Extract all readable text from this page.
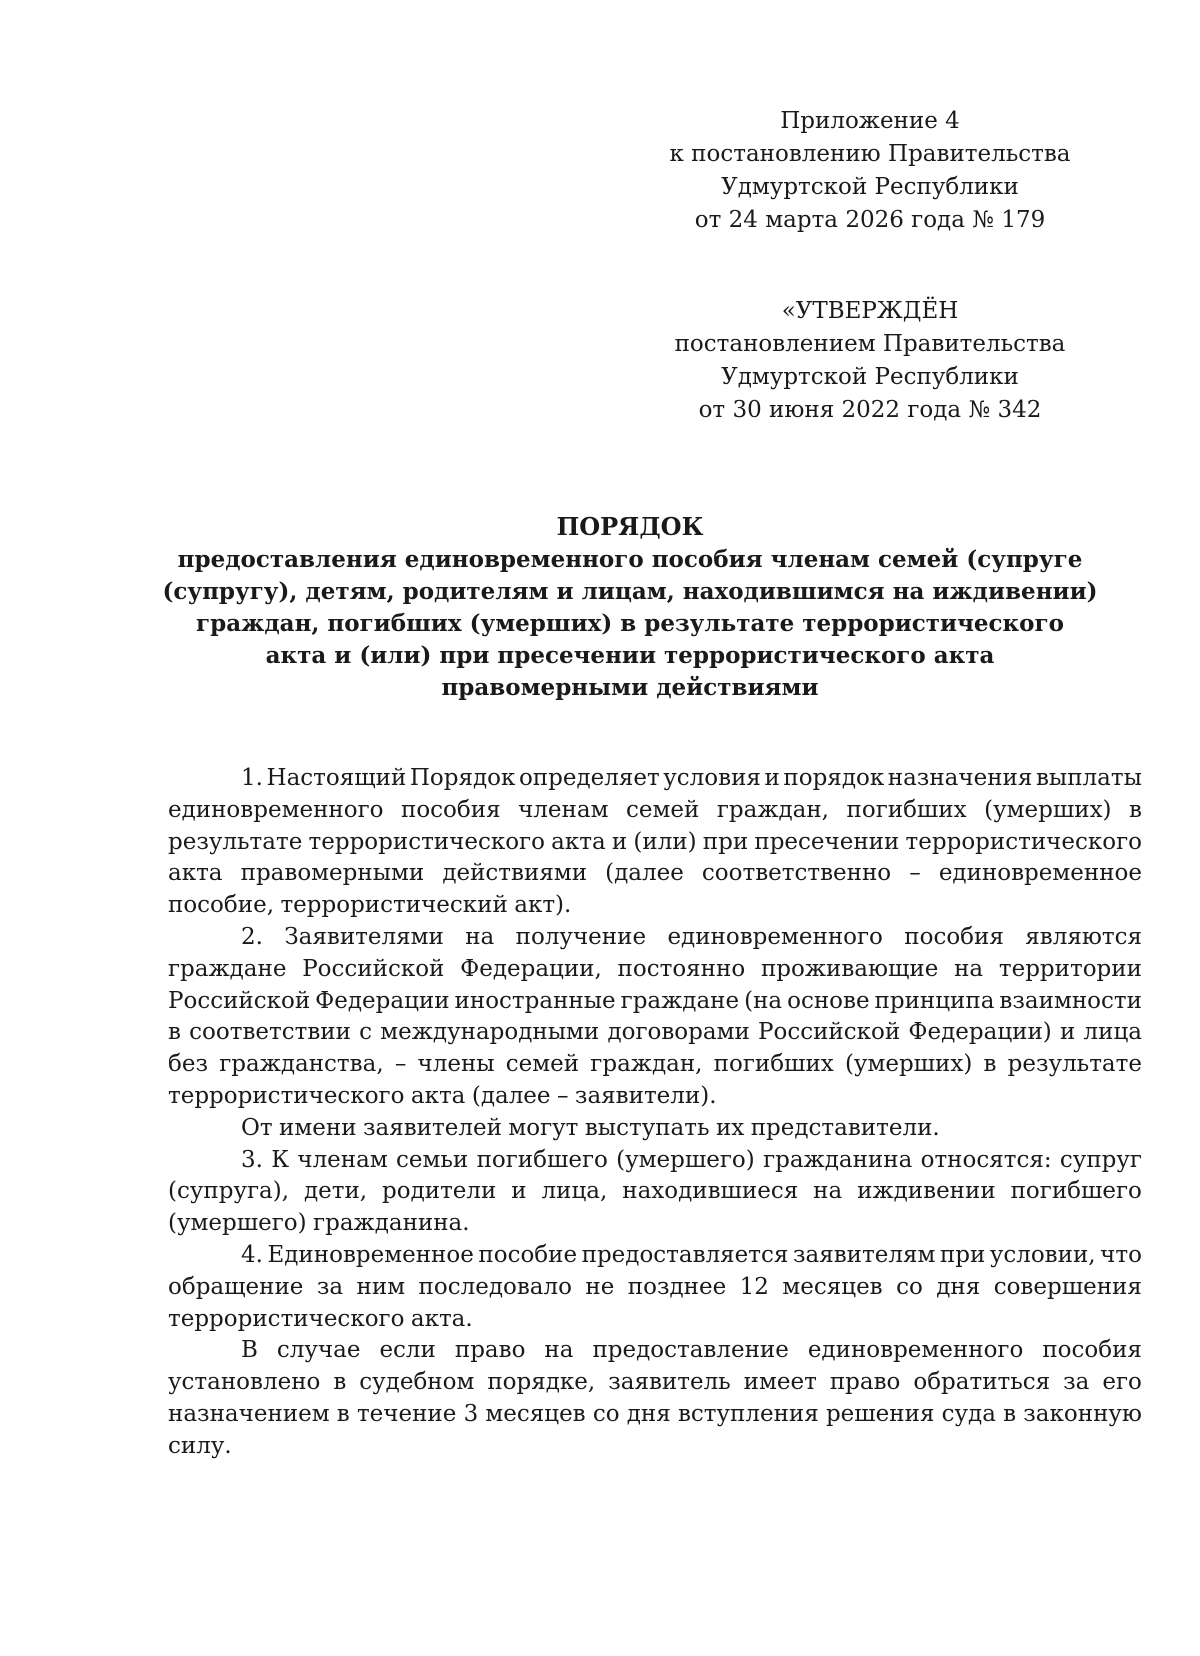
Приложение 4
к постановлению Правительства
Удмуртской Республики
от 24 марта 2026 года № 179
«УТВЕРЖДЁН
постановлением Правительства
Удмуртской Республики
от 30 июня 2022 года № 342
ПОРЯДОК
предоставления единовременного пособия членам семей (супруге
(супругу), детям, родителям и лицам, находившимся на иждивении)
граждан, погибших (умерших) в результате террористического
акта и (или) при пресечении террористического акта
правомерными действиями
1. Настоящий Порядок определяет условия и порядок назначения выплаты
единовременного пособия членам семей граждан, погибших (умерших) в
результате террористического акта и (или) при пресечении террористического
акта правомерными действиями (далее соответственно – единовременное
пособие, террористический акт).
2. Заявителями на получение единовременного пособия являются
граждане Российской Федерации, постоянно проживающие на территории
Российской Федерации иностранные граждане (на основе принципа взаимности
в соответствии с международными договорами Российской Федерации) и лица
без гражданства, – члены семей граждан, погибших (умерших) в результате
террористического акта (далее – заявители).
От имени заявителей могут выступать их представители.
3. К членам семьи погибшего (умершего) гражданина относятся: супруг
(супруга), дети, родители и лица, находившиеся на иждивении погибшего
(умершего) гражданина.
4. Единовременное пособие предоставляется заявителям при условии, что
обращение за ним последовало не позднее 12 месяцев со дня совершения
террористического акта.
В случае если право на предоставление единовременного пособия
установлено в судебном порядке, заявитель имеет право обратиться за его
назначением в течение 3 месяцев со дня вступления решения суда в законную
силу.
